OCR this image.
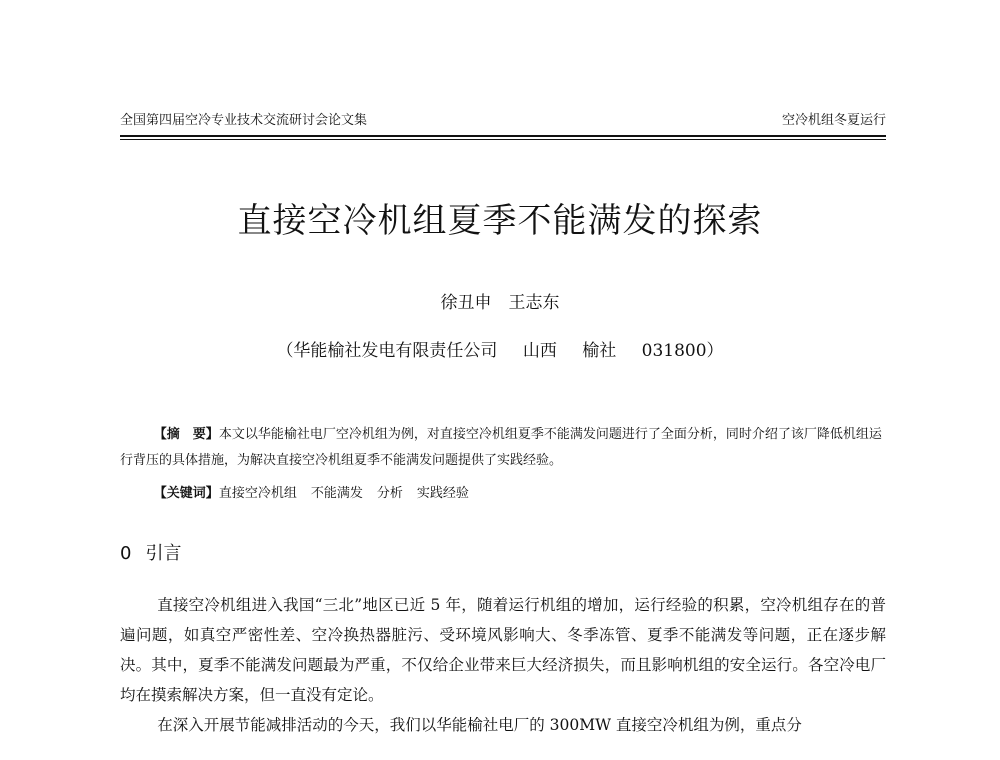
全国第四届空冷专业技术交流研讨会论文集	空冷机组冬夏运行
直接空冷机组夏季不能满发的探索
徐丑申　王志东
（华能榆社发电有限责任公司 山西 榆社 031800）
【摘　要】本文以华能榆社电厂空冷机组为例，对直接空冷机组夏季不能满发问题进行了全面分析，同时介绍了该厂降低机组运行背压的具体措施，为解决直接空冷机组夏季不能满发问题提供了实践经验。
【关键词】直接空冷机组 不能满发 分析 实践经验
0 引言

直接空冷机组进入我国“三北”地区已近 5 年，随着运行机组的增加，运行经验的积累，空冷机组存在的普遍问题，如真空严密性差、空冷换热器脏污、受环境风影响大、冬季冻管、夏季不能满发等问题，正在逐步解决。其中，夏季不能满发问题最为严重，不仅给企业带来巨大经济损失，而且影响机组的安全运行。各空冷电厂均在摸索解决方案，但一直没有定论。

在深入开展节能减排活动的今天，我们以华能榆社电厂的 300MW 直接空冷机组为例，重点分
